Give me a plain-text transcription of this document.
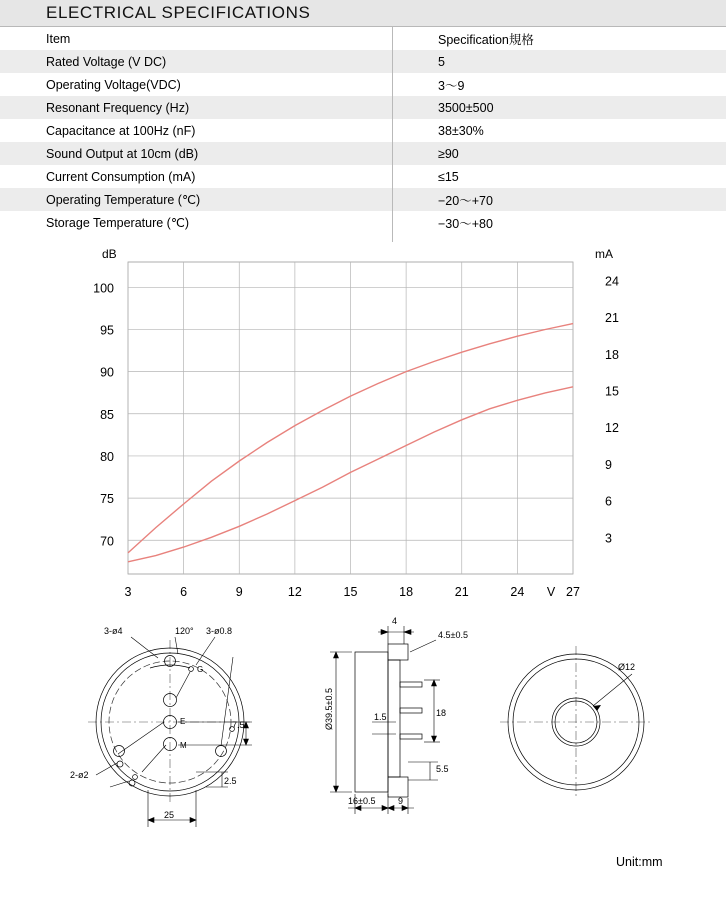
ELECTRICAL SPECIFICATIONS
Item	Specification規格
Rated Voltage (V DC)	5
Operating Voltage(VDC)	3～9
Resonant Frequency (Hz)	3500±500
Capacitance at 100Hz (nF)	38±30%
Sound Output at 10cm (dB)	≥90
Current Consumption (mA)	≤15
Operating Temperature (℃)	−20～+70
Storage Temperature (℃)	−30～+80
3	6	9	12	15	18	21	24	27
70
75
80
85
90
95
100
3
6
9
12
15
18
21
24
dB	mA
V
3-ø4	120° 3-ø0.8
G
E
M
2-ø2
7.5
2.5
25
4
4.5±0.5
Ø39.5±0.5	1.5	18
5.5
16±0.5	9
Ø12
Unit:mm
